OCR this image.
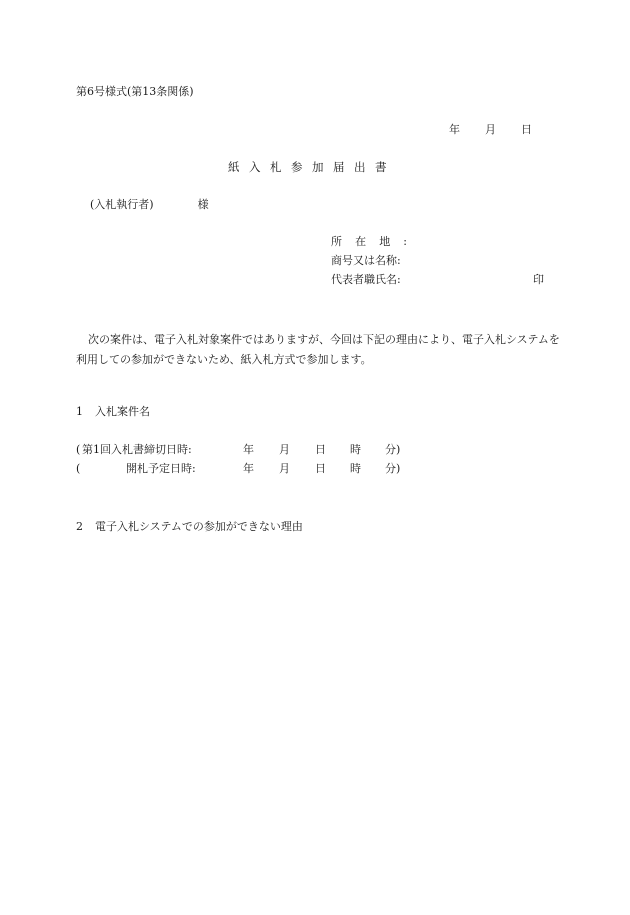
第6号様式(第13条関係)
年 月 日
紙 入 札 参 加 届 出 書
(入札執行者)	様
所 在 地 :
商号又は名称:
代表者職氏名:	印

次の案件は、電子入札対象案件ではありますが、今回は下記の理由により、電子入札システムを利用しての参加ができないため、紙入札方式で参加します。

1 入札案件名
( 第1回入札書締切日時:	年 月 日 時 分 )
(	開札予定日時:	年 月 日 時 分 )
2 電子入札システムでの参加ができない理由
